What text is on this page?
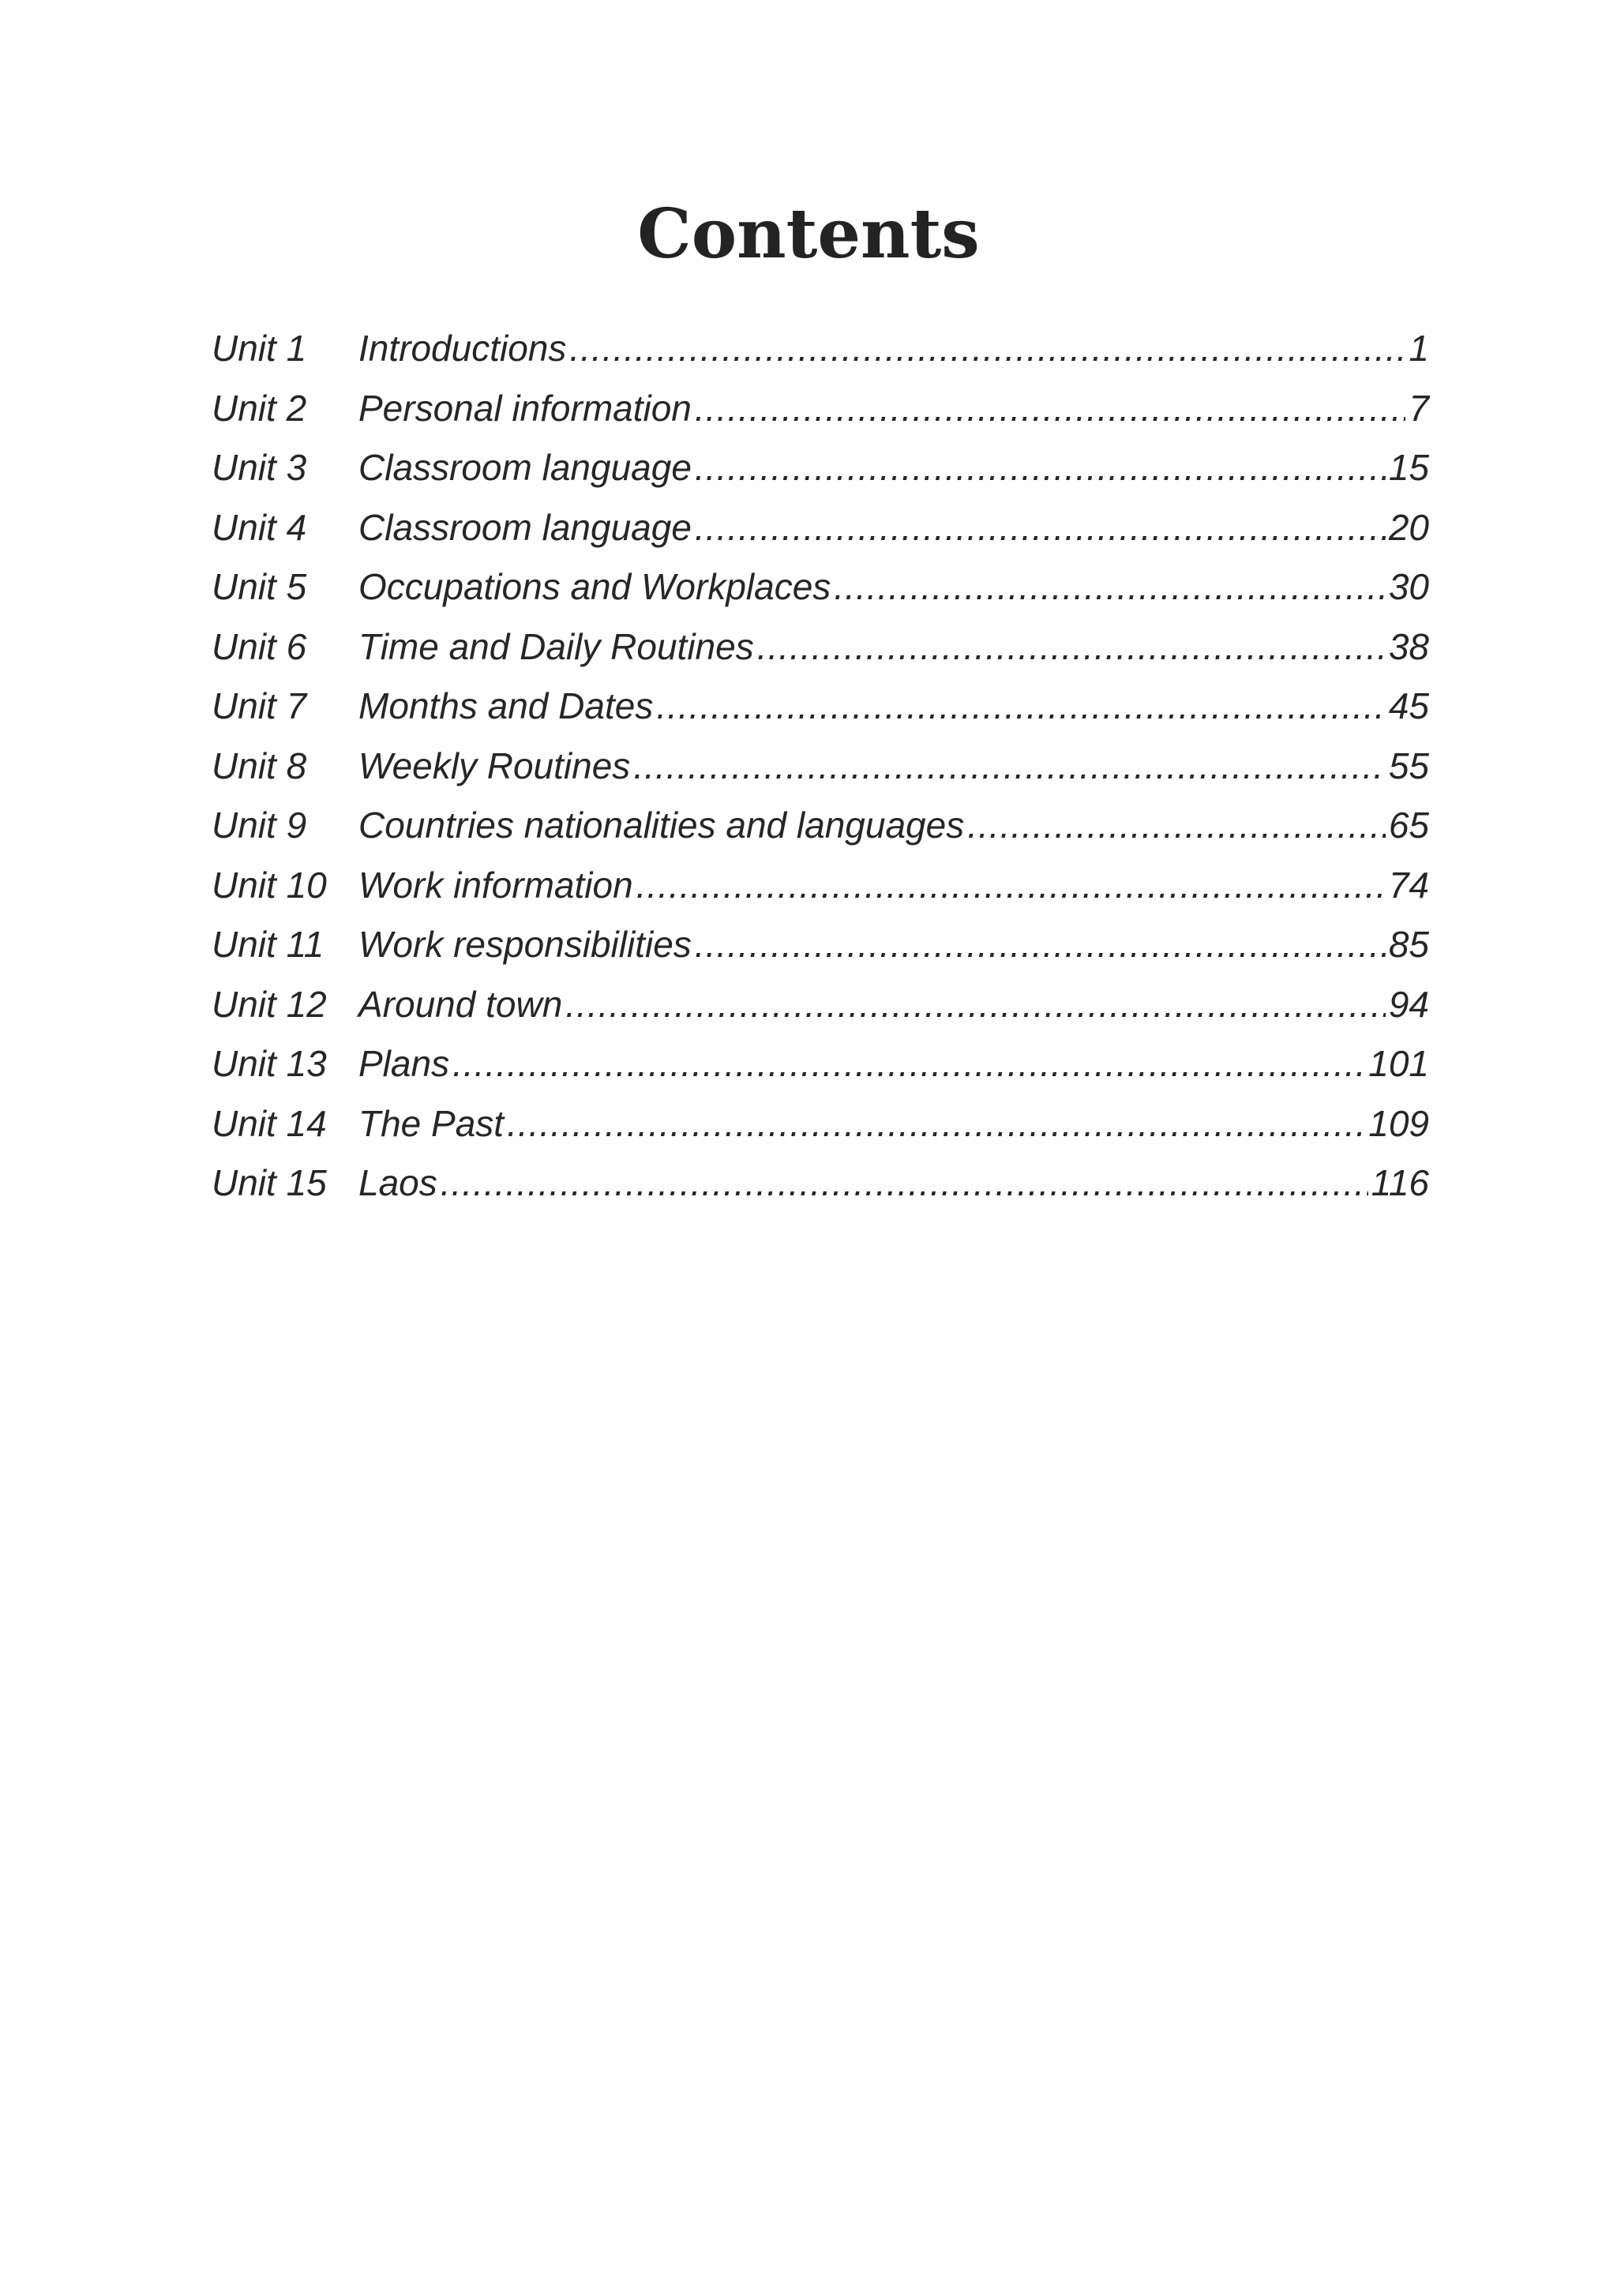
Contents
Unit 1	Introductions .....	1
Unit 2	Personal information .....	7
Unit 3	Classroom language .....	15
Unit 4	Classroom language .....	20
Unit 5	Occupations and Workplaces .....	30
Unit 6	Time and Daily Routines .....	38
Unit 7	Months and Dates .....	45
Unit 8	Weekly Routines .....	55
Unit 9	Countries nationalities and languages .....	65
Unit 10 Work information .....	74
Unit 11 Work responsibilities .....	85
Unit 12 Around town .....	94
Unit 13 Plans .....	101
Unit 14 The Past .....	109
Unit 15 Laos .....	116
